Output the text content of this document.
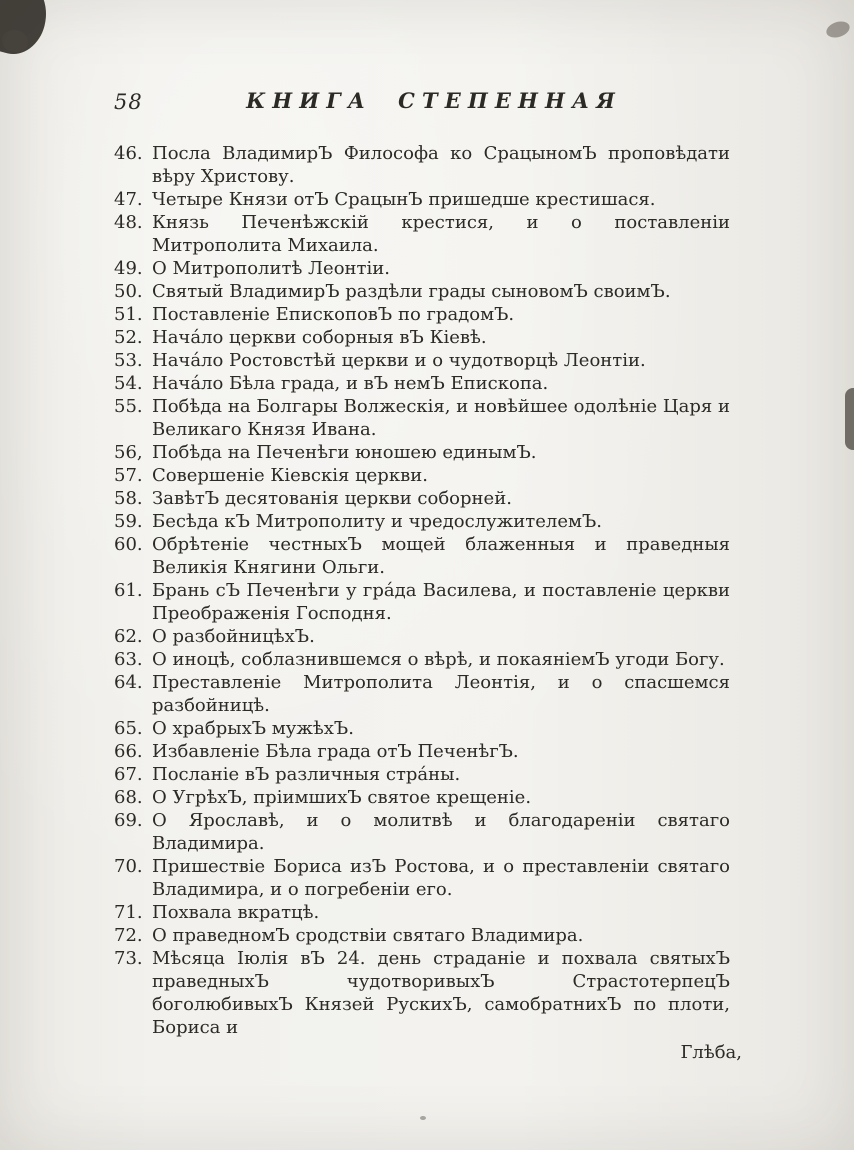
58	КНИГА СТЕПЕННАЯ
46. Посла ВладимирЪ Философа ко СрацыномЪ проповѣдати вѣру Христову.
47. Четыре Князи отЪ СрацынЪ пришедше крестишася.
48. Князь Печенѣжскій крестися, и о поставленіи Митрополита Михаила.
49. О Митрополитѣ Леонтіи.
50. Святый ВладимирЪ раздѣли грады сыновомЪ своимЪ.
51. Поставленіе ЕпископовЪ по градомЪ.
52. Нача́ло церкви соборныя вЪ Кіевѣ.
53. Нача́ло Ростовстѣй церкви и о чудотворцѣ Леонтіи.
54. Нача́ло Бѣла града, и вЪ немЪ Епископа.
55. Побѣда на Болгары Волжескія, и новѣйшее одолѣніе Царя и Великаго Князя Ивана.
56, Побѣда на Печенѣги юношею единымЪ.
57. Совершеніе Кіевскія церкви.
58. ЗавѣтЪ десятованія церкви соборней.
59. Бесѣда кЪ Митрополиту и чредослужителемЪ.
60. Обрѣтеніе честныхЪ мощей блаженныя и праведныя Великія Княгини Ольги.
61. Брань сЪ Печенѣги у гра́да Василева, и поставленіе церкви Преображенія Господня.
62. О разбойницѣхЪ.
63. О иноцѣ, соблазнившемся о вѣрѣ, и покаяніемЪ угоди Богу.
64. Преставленіе Митрополита Леонтія, и о спасшемся разбойницѣ.
65. О храбрыхЪ мужѣхЪ.
66. Избавленіе Бѣла града отЪ ПеченѣгЪ.
67. Посланіе вЪ различныя стра́ны.
68. О УгрѣхЪ, пріимшихЪ святое крещеніе.
69. О Ярославѣ, и о молитвѣ и благодареніи святаго Владимира.
70. Пришествіе Бориса изЪ Ростова, и о преставленіи святаго Владимира, и о погребеніи его.
71. Похвала вкратцѣ.
72. О праведномЪ сродствіи святаго Владимира.
73. Мѣсяца Іюлія вЪ 24. день страданіе и похвала святыхЪ праведныхЪ чудотворивыхЪ СтрастотерпецЪ боголюбивыхЪ Князей РускихЪ, самобратнихЪ по плоти, Бориса и
Глѣба,
